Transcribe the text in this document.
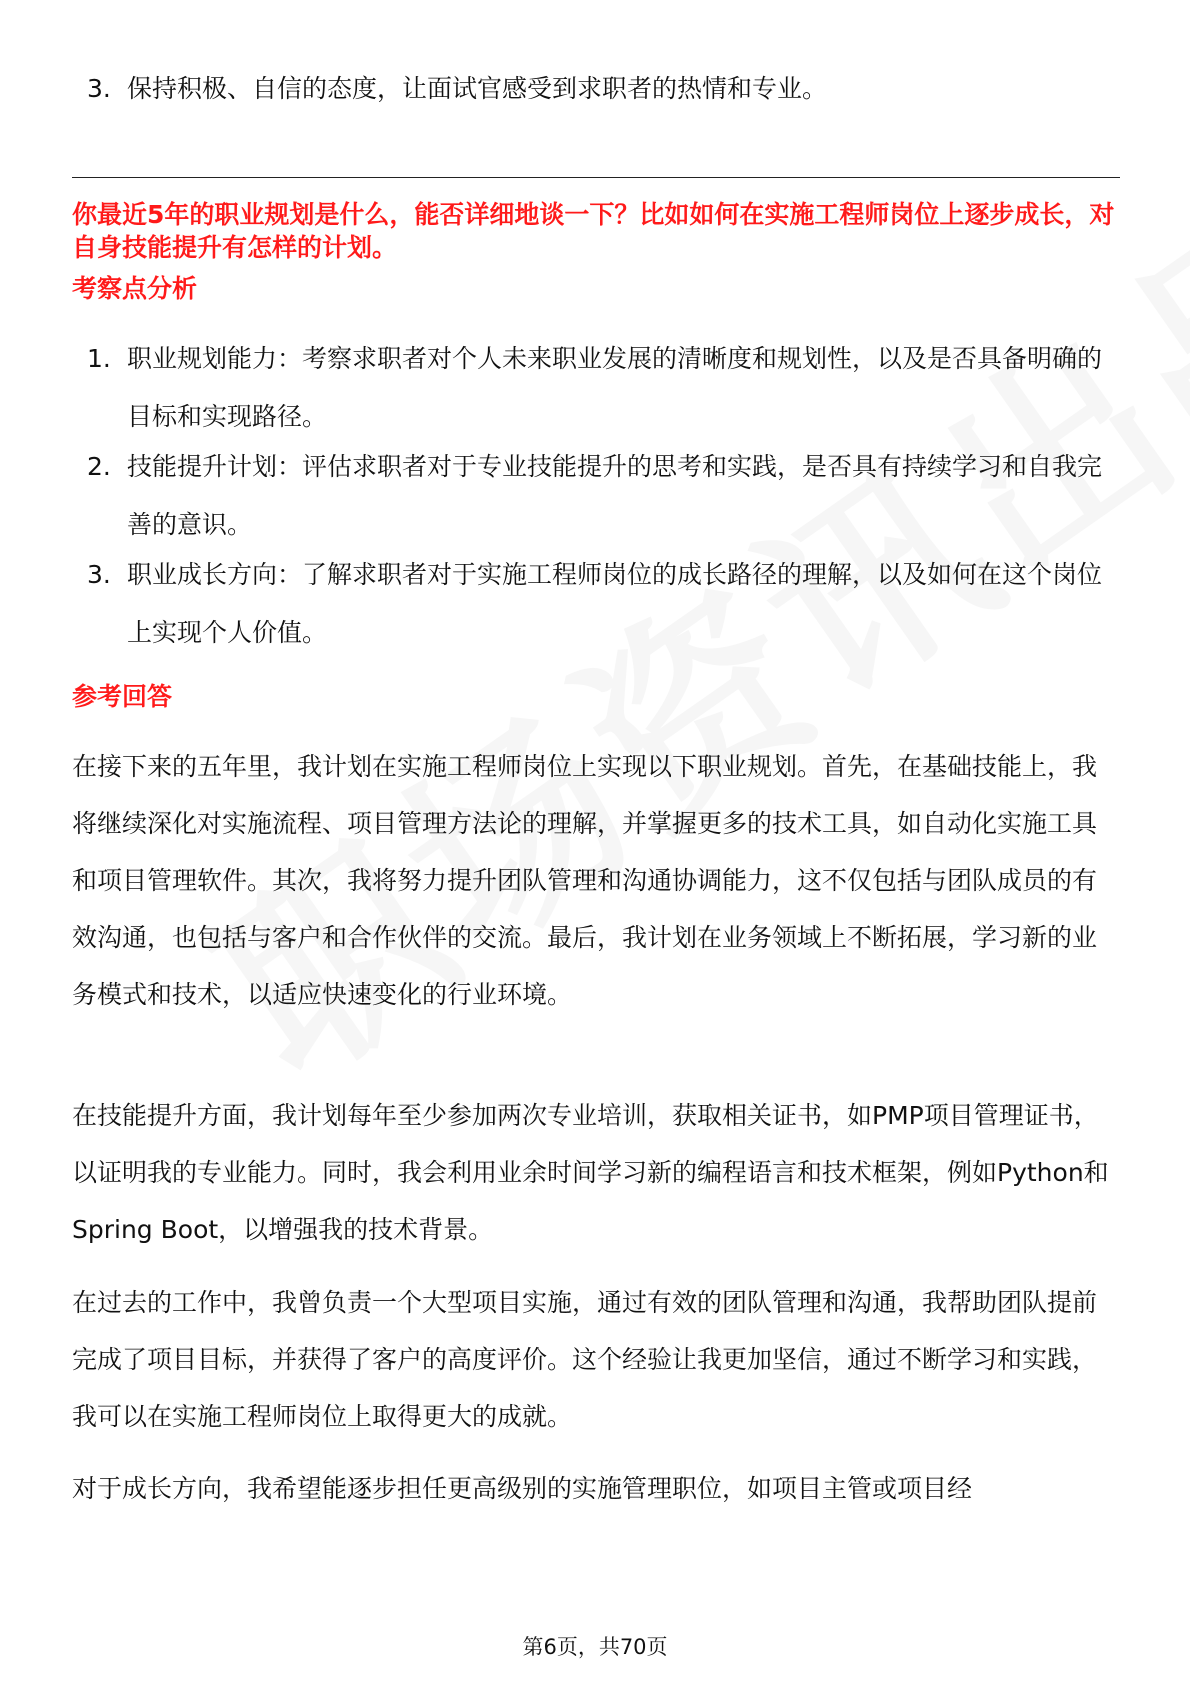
3. 保持积极、自信的态度，让面试官感受到求职者的热情和专业。

你最近5年的职业规划是什么，能否详细地谈一下？比如如何在实施工程师岗位上逐步成长，对自身技能提升有怎样的计划。

考察点分析

1. 职业规划能力：考察求职者对个人未来职业发展的清晰度和规划性，以及是否具备明确的目标和实现路径。
2. 技能提升计划：评估求职者对于专业技能提升的思考和实践，是否具有持续学习和自我完善的意识。
3. 职业成长方向：了解求职者对于实施工程师岗位的成长路径的理解，以及如何在这个岗位上实现个人价值。

参考回答

在接下来的五年里，我计划在实施工程师岗位上实现以下职业规划。首先，在基础技能上，我将继续深化对实施流程、项目管理方法论的理解，并掌握更多的技术工具，如自动化实施工具和项目管理软件。其次，我将努力提升团队管理和沟通协调能力，这不仅包括与团队成员的有效沟通，也包括与客户和合作伙伴的交流。最后，我计划在业务领域上不断拓展，学习新的业务模式和技术，以适应快速变化的行业环境。

在技能提升方面，我计划每年至少参加两次专业培训，获取相关证书，如PMP项目管理证书，以证明我的专业能力。同时，我会利用业余时间学习新的编程语言和技术框架，例如Python和Spring Boot，以增强我的技术背景。

在过去的工作中，我曾负责一个大型项目实施，通过有效的团队管理和沟通，我帮助团队提前完成了项目目标，并获得了客户的高度评价。这个经验让我更加坚信，通过不断学习和实践，我可以在实施工程师岗位上取得更大的成就。

对于成长方向，我希望能逐步担任更高级别的实施管理职位，如项目主管或项目经

第6页，共70页
